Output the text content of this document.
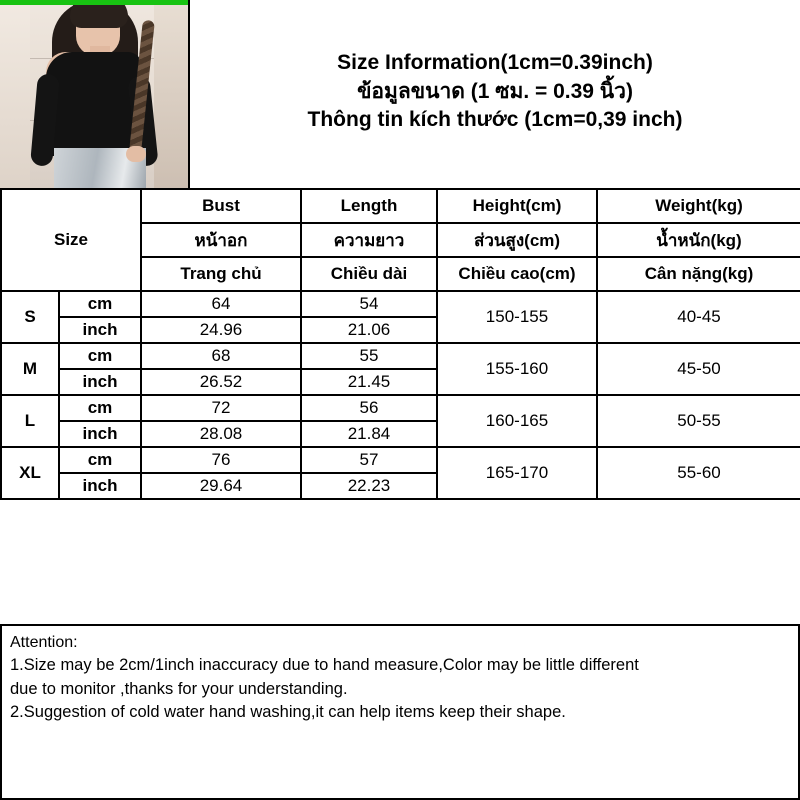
Size Information(1cm=0.39inch)
ข้อมูลขนาด (1 ซม. = 0.39 นิ้ว)
Thông tin kích thước (1cm=0,39 inch)
Size		Bust	Length	Height(cm)	Weight(kg)
		หน้าอก	ความยาว	ส่วนสูง(cm)	น้ำหนัก(kg)
		Trang chủ	Chiều dài	Chiều cao(cm)	Cân nặng(kg)
S	cm	64	54	150-155	40-45
	inch	24.96	21.06		
M	cm	68	55	155-160	45-50
	inch	26.52	21.45		
L	cm	72	56	160-165	50-55
	inch	28.08	21.84		
XL	cm	76	57	165-170	55-60
	inch	29.64	22.23		

Attention:

1.Size may be 2cm/1inch inaccuracy due to hand measure,Color may be little different

due to monitor ,thanks for your understanding.

2.Suggestion of cold water hand washing,it can help items keep their shape.
